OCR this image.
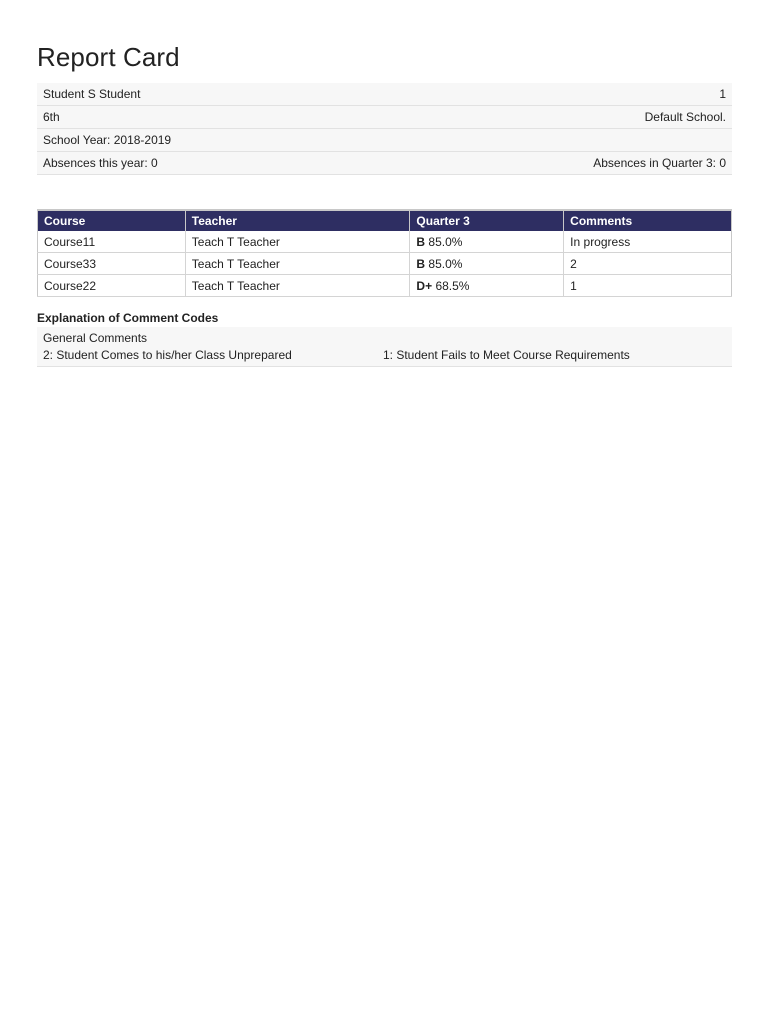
Report Card
Student S Student	1
6th	Default School.
School Year: 2018-2019
Absences this year: 0	Absences in Quarter 3: 0
Course	Teacher	Quarter 3	Comments
Course11	Teach T Teacher	B 85.0%	In progress
Course33	Teach T Teacher	B 85.0%	2
Course22	Teach T Teacher	D+ 68.5%	1
Explanation of Comment Codes
General Comments
2: Student Comes to his/her Class Unprepared	1: Student Fails to Meet Course Requirements
